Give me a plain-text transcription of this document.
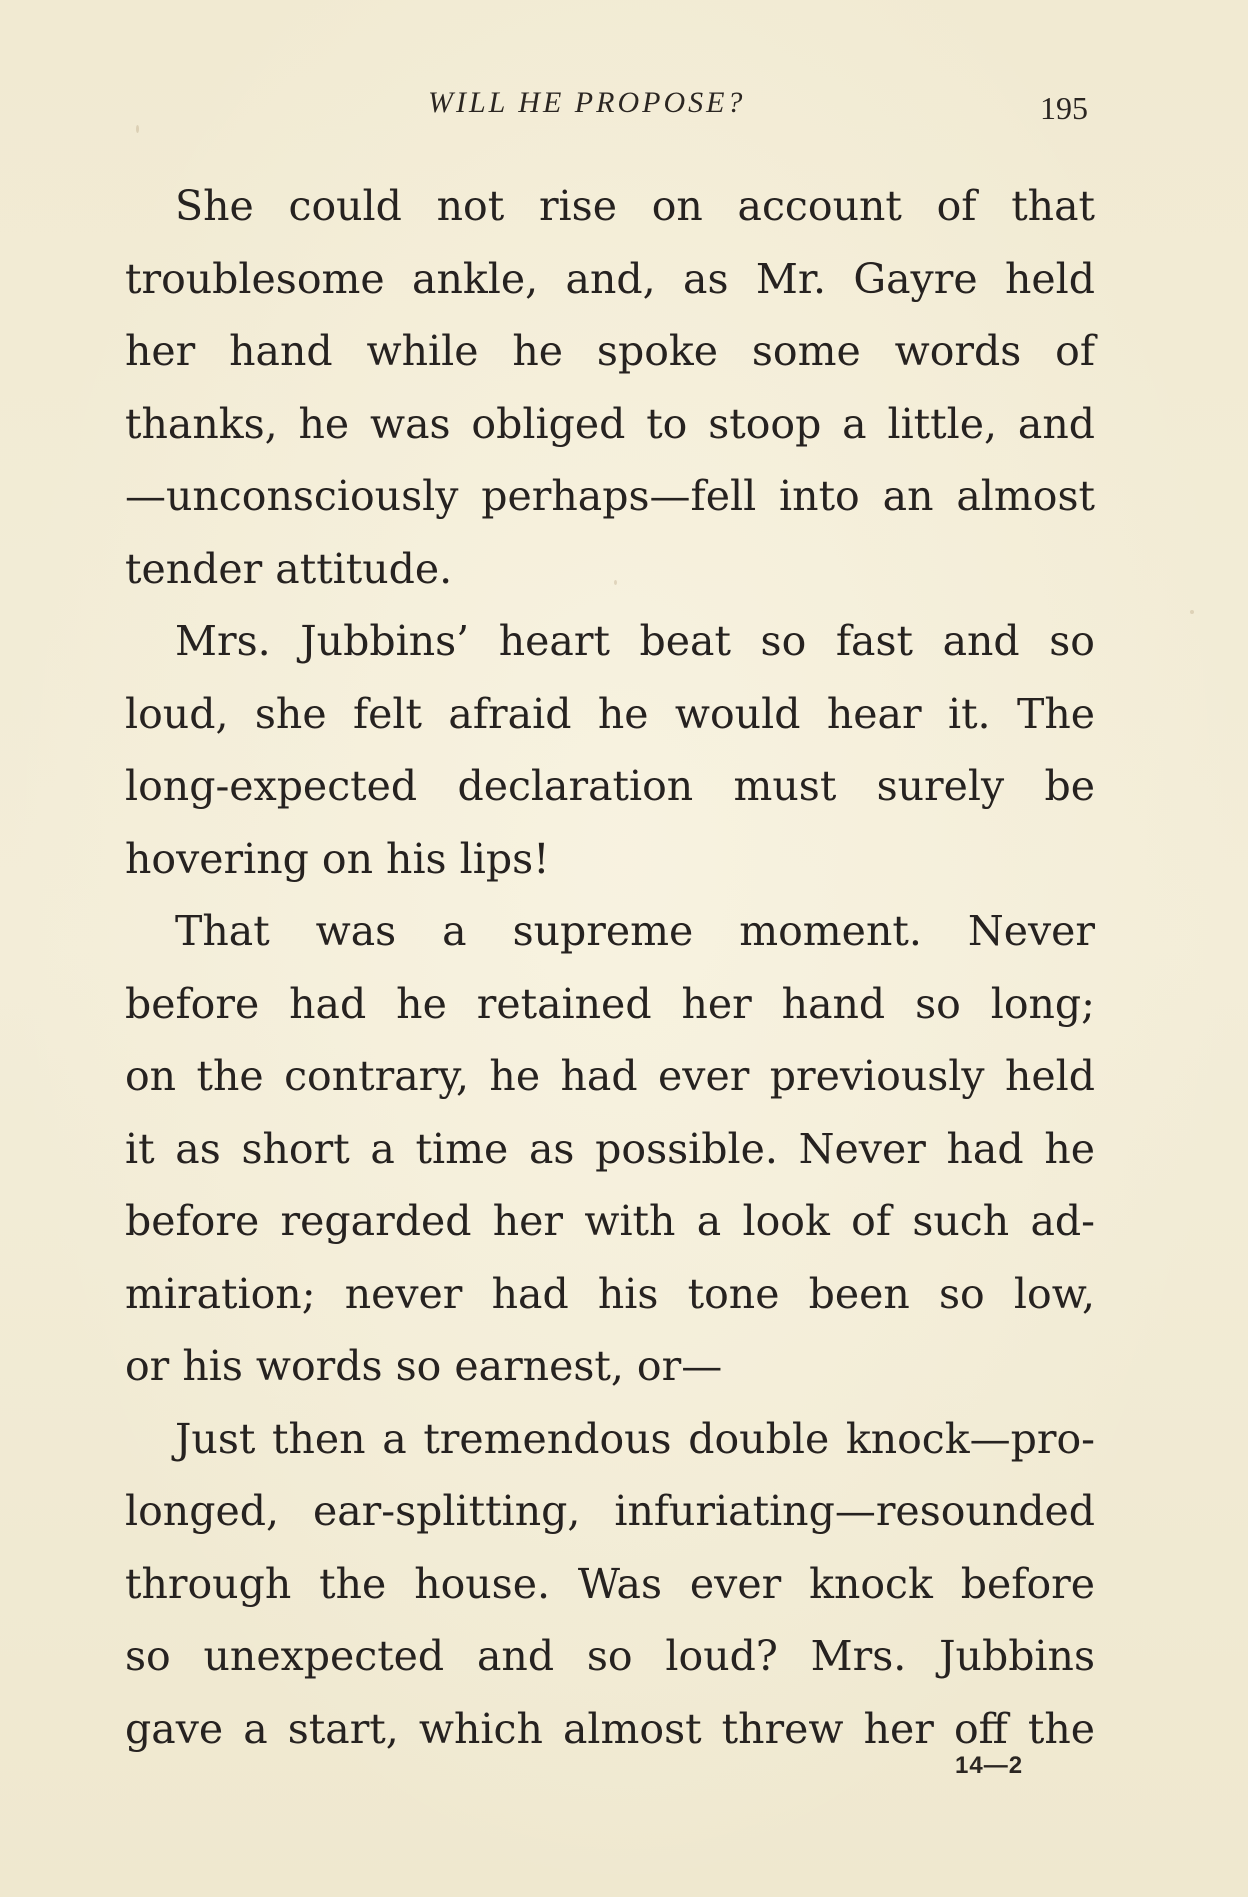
WILL HE PROPOSE?	195

She could not rise on account of that
troublesome ankle, and, as Mr. Gayre held
her hand while he spoke some words of
thanks, he was obliged to stoop a little, and
—unconsciously perhaps—fell into an almost
tender attitude.

Mrs. Jubbins’ heart beat so fast and so
loud, she felt afraid he would hear it. The
long-expected declaration must surely be
hovering on his lips!

That was a supreme moment. Never
before had he retained her hand so long;
on the contrary, he had ever previously held
it as short a time as possible. Never had he
before regarded her with a look of such ad-
miration; never had his tone been so low,
or his words so earnest, or—

Just then a tremendous double knock—pro-
longed, ear-splitting, infuriating—resounded
through the house. Was ever knock before
so unexpected and so loud? Mrs. Jubbins
gave a start, which almost threw her off the

14—2
